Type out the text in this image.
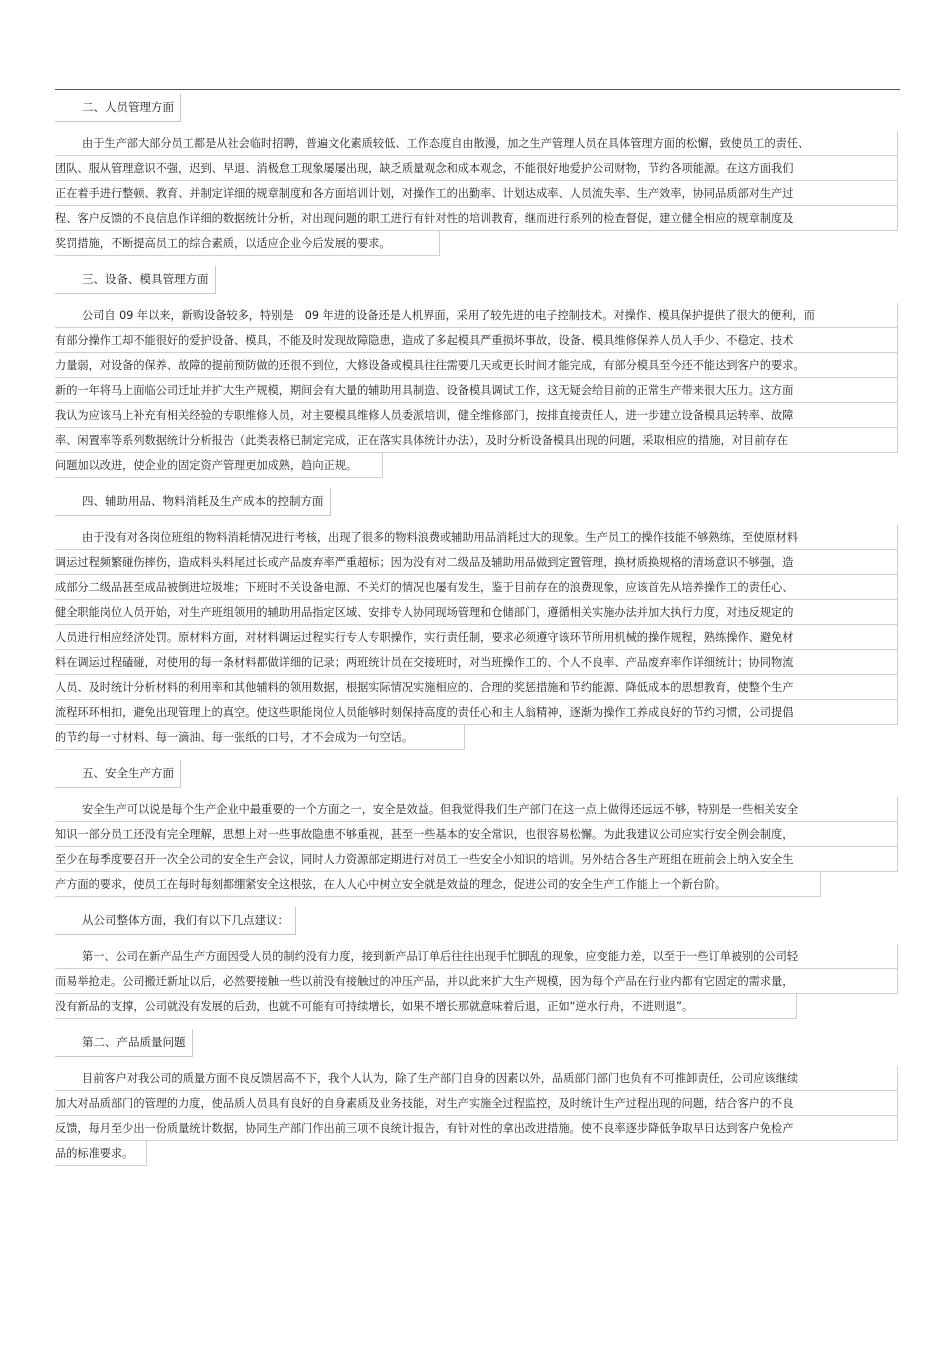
二、人员管理方面
由于生产部大部分员工都是从社会临时招聘，普遍文化素质较低、工作态度自由散漫，加之生产管理人员在具体管理方面的松懈，致使员工的责任、
团队、服从管理意识不强，迟到、早退、消极怠工现象屡屡出现，缺乏质量观念和成本观念，不能很好地爱护公司财物，节约各项能源。在这方面我们
正在着手进行整顿、教育、并制定详细的规章制度和各方面培训计划，对操作工的出勤率、计划达成率、人员流失率、生产效率，协同品质部对生产过
程、客户反馈的不良信息作详细的数据统计分析，对出现问题的职工进行有针对性的培训教育，继而进行系列的检查督促，建立健全相应的规章制度及
奖罚措施，不断提高员工的综合素质，以适应企业今后发展的要求。
三、设备、模具管理方面
公司自 09 年以来，新购设备较多，特别是　09 年进的设备还是人机界面，采用了较先进的电子控制技术。对操作、模具保护提供了很大的便利，而
有部分操作工却不能很好的爱护设备、模具，不能及时发现故障隐患，造成了多起模具严重损坏事故，设备、模具维修保养人员人手少、不稳定、技术
力量弱，对设备的保养、故障的提前预防做的还很不到位，大修设备或模具往往需要几天或更长时间才能完成，有部分模具至今还不能达到客户的要求。
新的一年将马上面临公司迁址并扩大生产规模，期间会有大量的辅助用具制造、设备模具调试工作，这无疑会给目前的正常生产带来很大压力。这方面
我认为应该马上补充有相关经验的专职维修人员，对主要模具维修人员委派培训，健全维修部门，按排直接责任人，进一步建立设备模具运转率、故障
率、闲置率等系列数据统计分析报告（此类表格已制定完成，正在落实具体统计办法），及时分析设备模具出现的问题，采取相应的措施，对目前存在
问题加以改进，使企业的固定资产管理更加成熟，趋向正规。
四、辅助用品、物料消耗及生产成本的控制方面
由于没有对各岗位班组的物料消耗情况进行考核，出现了很多的物料浪费或辅助用品消耗过大的现象。生产员工的操作技能不够熟练，至使原材料
调运过程频繁碰伤摔伤，造成料头料尾过长或产品废弃率严重超标；因为没有对二级品及辅助用品做到定置管理，换材质换规格的清场意识不够强，造
成部分二级品甚至成品被倒进垃圾堆；下班时不关设备电源、不关灯的情况也屡有发生，鉴于目前存在的浪费现象，应该首先从培养操作工的责任心、
健全职能岗位人员开始，对生产班组领用的辅助用品指定区域、安排专人协同现场管理和仓储部门，遵循相关实施办法并加大执行力度，对违反规定的
人员进行相应经济处罚。原材料方面，对材料调运过程实行专人专职操作，实行责任制，要求必须遵守该环节所用机械的操作规程，熟练操作、避免材
料在调运过程磕碰，对使用的每一条材料都做详细的记录；两班统计员在交接班时，对当班操作工的、个人不良率、产品废弃率作详细统计；协同物流
人员、及时统计分析材料的利用率和其他辅料的领用数据，根据实际情况实施相应的、合理的奖惩措施和节约能源、降低成本的思想教育，使整个生产
流程环环相扣，避免出现管理上的真空。使这些职能岗位人员能够时刻保持高度的责任心和主人翁精神，逐渐为操作工养成良好的节约习惯，公司提倡
的节约每一寸材料、每一滴油、每一张纸的口号，才不会成为一句空话。
五、安全生产方面
安全生产可以说是每个生产企业中最重要的一个方面之一，安全是效益。但我觉得我们生产部门在这一点上做得还远远不够，特别是一些相关安全
知识一部分员工还没有完全理解，思想上对一些事故隐患不够重视，甚至一些基本的安全常识，也很容易松懈。为此我建议公司应实行安全例会制度，
至少在每季度要召开一次全公司的安全生产会议，同时人力资源部定期进行对员工一些安全小知识的培训。另外结合各生产班组在班前会上纳入安全生
产方面的要求，使员工在每时每刻都绷紧安全这根弦，在人人心中树立安全就是效益的理念，促进公司的安全生产工作能上一个新台阶。
从公司整体方面，我们有以下几点建议：
第一、公司在新产品生产方面因受人员的制约没有力度，接到新产品订单后往往出现手忙脚乱的现象，应变能力差，以至于一些订单被别的公司轻
而易举抢走。公司搬迁新址以后，必然要接触一些以前没有接触过的冲压产品，并以此来扩大生产规模，因为每个产品在行业内都有它固定的需求量，
没有新品的支撑，公司就没有发展的后劲，也就不可能有可持续增长，如果不增长那就意味着后退，正如“逆水行舟，不进则退”。
第二、产品质量问题
目前客户对我公司的质量方面不良反馈居高不下，我个人认为，除了生产部门自身的因素以外，品质部门部门也负有不可推卸责任，公司应该继续
加大对品质部门的管理的力度，使品质人员具有良好的自身素质及业务技能，对生产实施全过程监控，及时统计生产过程出现的问题，结合客户的不良
反馈，每月至少出一份质量统计数据，协同生产部门作出前三项不良统计报告，有针对性的拿出改进措施。使不良率逐步降低争取早日达到客户免检产
品的标准要求。
